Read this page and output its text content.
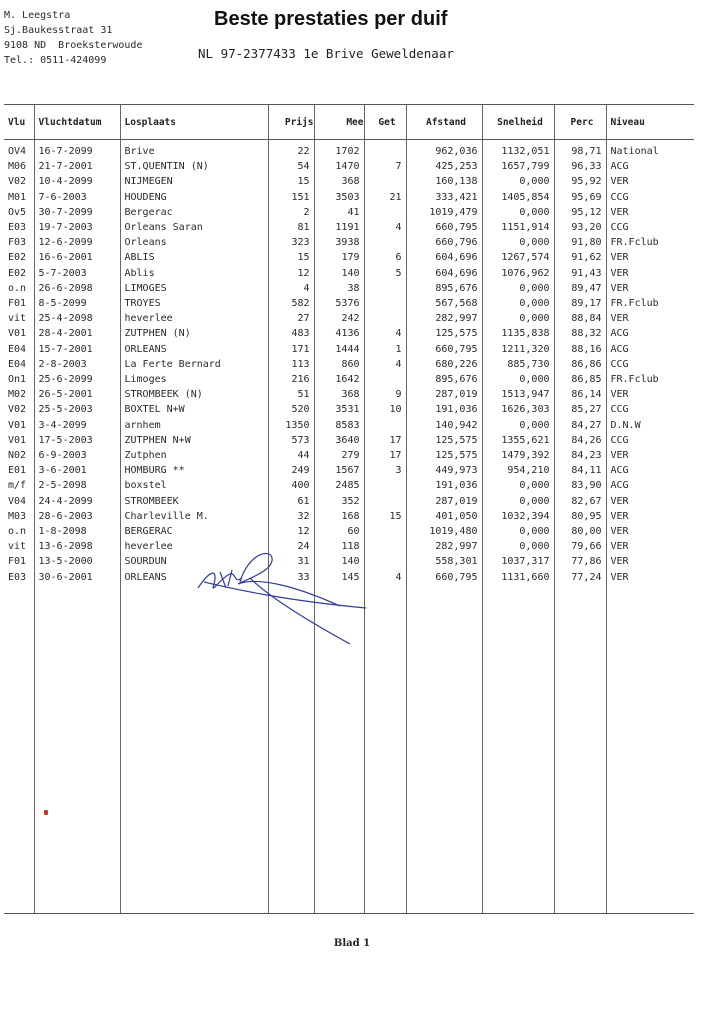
M. Leegstra
Sj.Baukesstraat 31
9108 ND  Broeksterwoude
Tel.: 0511-424099
Beste prestaties per duif
NL 97-2377433 1e Brive Geweldenaar
Vlu	Vluchtdatum	Losplaats	Prijs	Mee	Get	Afstand	Snelheid	Perc	Niveau
OV4	16-7-2099	Brive	22	1702		962,036	1132,051	98,71	National
M06	21-7-2001	ST.QUENTIN (N)	54	1470	7	425,253	1657,799	96,33	ACG
V02	10-4-2099	NIJMEGEN	15	368		160,138	0,000	95,92	VER
M01	7-6-2003	HOUDENG	151	3503	21	333,421	1405,854	95,69	CCG
Ov5	30-7-2099	Bergerac	2	41		1019,479	0,000	95,12	VER
E03	19-7-2003	Orleans Saran	81	1191	4	660,795	1151,914	93,20	CCG
F03	12-6-2099	Orleans	323	3938		660,796	0,000	91,80	FR.Fclub
E02	16-6-2001	ABLIS	15	179	6	604,696	1267,574	91,62	VER
E02	5-7-2003	Ablis	12	140	5	604,696	1076,962	91,43	VER
o.n	26-6-2098	LIMOGES	4	38		895,676	0,000	89,47	VER
F01	8-5-2099	TROYES	582	5376		567,568	0,000	89,17	FR.Fclub
vit	25-4-2098	heverlee	27	242		282,997	0,000	88,84	VER
V01	28-4-2001	ZUTPHEN (N)	483	4136	4	125,575	1135,838	88,32	ACG
E04	15-7-2001	ORLEANS	171	1444	1	660,795	1211,320	88,16	ACG
E04	2-8-2003	La Ferte Bernard	113	860	4	680,226	885,730	86,86	CCG
On1	25-6-2099	Limoges	216	1642		895,676	0,000	86,85	FR.Fclub
M02	26-5-2001	STROMBEEK (N)	51	368	9	287,019	1513,947	86,14	VER
V02	25-5-2003	BOXTEL N+W	520	3531	10	191,036	1626,303	85,27	CCG
V01	3-4-2099	arnhem	1350	8583		140,942	0,000	84,27	D.N.W
V01	17-5-2003	ZUTPHEN N+W	573	3640	17	125,575	1355,621	84,26	CCG
N02	6-9-2003	Zutphen	44	279	17	125,575	1479,392	84,23	VER
E01	3-6-2001	HOMBURG **	249	1567	3	449,973	954,210	84,11	ACG
m/f	2-5-2098	boxstel	400	2485		191,036	0,000	83,90	ACG
V04	24-4-2099	STROMBEEK	61	352		287,019	0,000	82,67	VER
M03	28-6-2003	Charleville M.	32	168	15	401,050	1032,394	80,95	VER
o.n	1-8-2098	BERGERAC	12	60		1019,480	0,000	80,00	VER
vit	13-6-2098	heverlee	24	118		282,997	0,000	79,66	VER
F01	13-5-2000	SOURDUN	31	140		558,301	1037,317	77,86	VER
E03	30-6-2001	ORLEANS	33	145	4	660,795	1131,660	77,24	VER

Blad 1
